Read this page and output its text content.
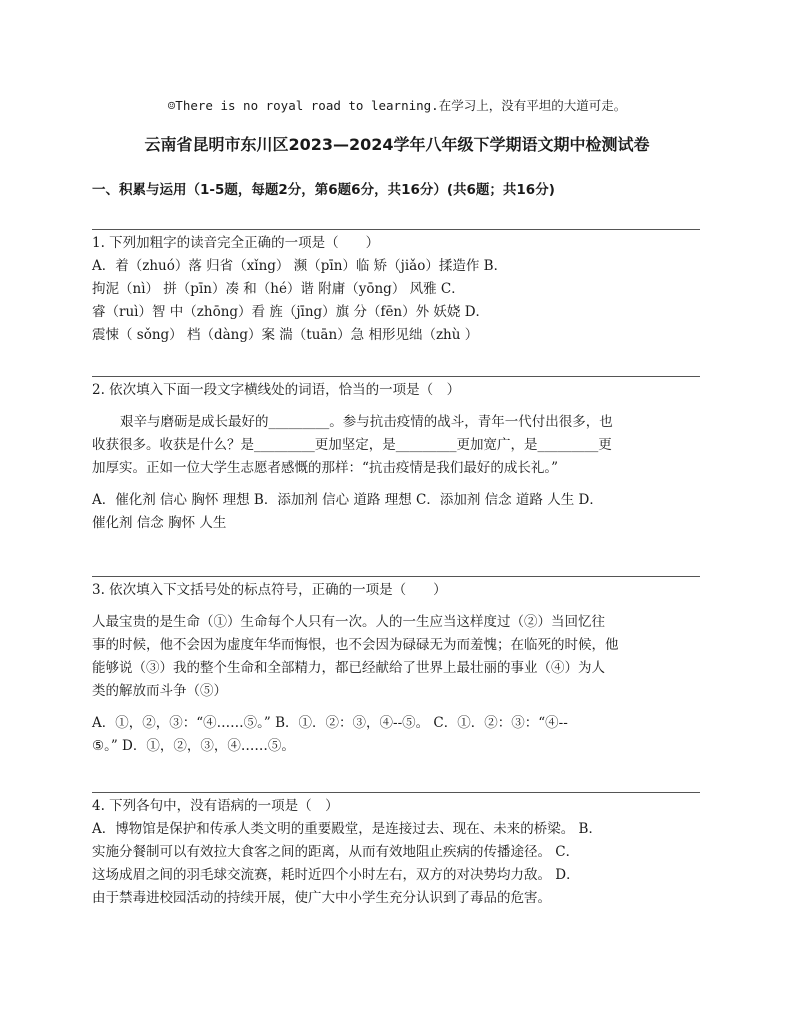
☺There is no royal road to learning.在学习上，没有平坦的大道可走。
云南省昆明市东川区2023—2024学年八年级下学期语文期中检测试卷
一、积累与运用（1-5题，每题2分，第6题6分，共16分）(共6题；共16分)
1. 下列加粗字的读音完全正确的一项是（　　）
A．着（zhuó）落 归省（xǐng） 濒（pīn）临 矫（jiǎo）揉造作 B．
拘泥（nì） 拼（pīn）凑 和（hé）谐 附庸（yōng） 风雅 C．
睿（ruì）智 中（zhōng）看 旌（jīng）旗 分（fēn）外 妖娆 D．
震悚（ sǒng） 档（dàng）案 湍（tuān）急 相形见绌（zhù ）
2. 依次填入下面一段文字横线处的词语，恰当的一项是（　）
艰辛与磨砺是成长最好的_________。参与抗击疫情的战斗，青年一代付出很多，也
收获很多。收获是什么？是_________更加坚定，是_________更加宽广，是_________更
加厚实。正如一位大学生志愿者感慨的那样：“抗击疫情是我们最好的成长礼。”
A．催化剂 信心 胸怀 理想 B．添加剂 信心 道路 理想 C．添加剂 信念 道路 人生 D．
催化剂 信念 胸怀 人生
3. 依次填入下文括号处的标点符号，正确的一项是（　　）
人最宝贵的是生命（①）生命每个人只有一次。人的一生应当这样度过（②）当回忆往
事的时候，他不会因为虚度年华而悔恨，也不会因为碌碌无为而羞愧；在临死的时候，他
能够说（③）我的整个生命和全部精力，都已经献给了世界上最壮丽的事业（④）为人
类的解放而斗争（⑤）
A．①，②，③：“④……⑤。” B．①．②：③，④--⑤。 C．①．②：③：“④--
⑤。” D．①，②，③，④……⑤。
4. 下列各句中，没有语病的一项是（　）
A．博物馆是保护和传承人类文明的重要殿堂，是连接过去、现在、未来的桥梁。 B．
实施分餐制可以有效拉大食客之间的距离，从而有效地阻止疾病的传播途径。 C．
这场成眉之间的羽毛球交流赛，耗时近四个小时左右，双方的对决势均力敌。 D．
由于禁毒进校园活动的持续开展，使广大中小学生充分认识到了毒品的危害。
